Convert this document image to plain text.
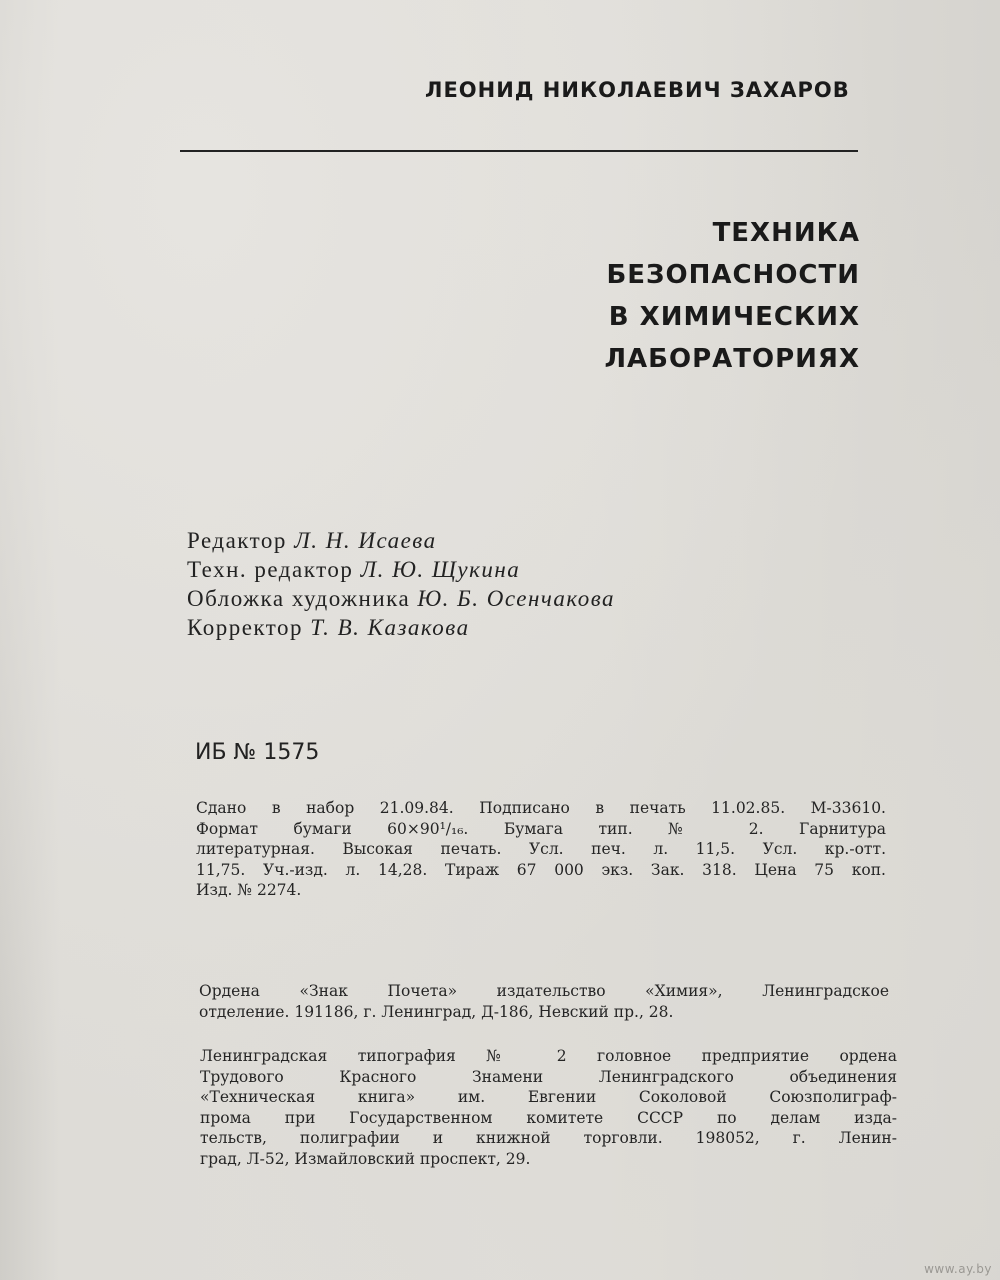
ЛЕОНИД НИКОЛАЕВИЧ ЗАХАРОВ
ТЕХНИКА
БЕЗОПАСНОСТИ
В ХИМИЧЕСКИХ
ЛАБОРАТОРИЯХ
Редактор Л. Н. Исаева
Техн. редактор Л. Ю. Щукина
Обложка художника Ю. Б. Осенчакова
Корректор Т. В. Казакова
ИБ № 1575
Сдано в набор 21.09.84. Подписано в печать 11.02.85. М-33610.
Формат бумаги 60×90¹/₁₆. Бумага тип. № 2. Гарнитура
литературная. Высокая печать. Усл. печ. л. 11,5. Усл. кр.-отт.
11,75. Уч.-изд. л. 14,28. Тираж 67 000 экз. Зак. 318. Цена 75 коп.
Изд. № 2274.
Ордена «Знак Почета» издательство «Химия», Ленинградское
отделение. 191186, г. Ленинград, Д-186, Невский пр., 28.
Ленинградская типография № 2 головное предприятие ордена
Трудового Красного Знамени Ленинградского объединения
«Техническая книга» им. Евгении Соколовой Союзполиграф-
прома при Государственном комитете СССР по делам изда-
тельств, полиграфии и книжной торговли. 198052, г. Ленин-
град, Л-52, Измайловский проспект, 29.
www.ay.by
